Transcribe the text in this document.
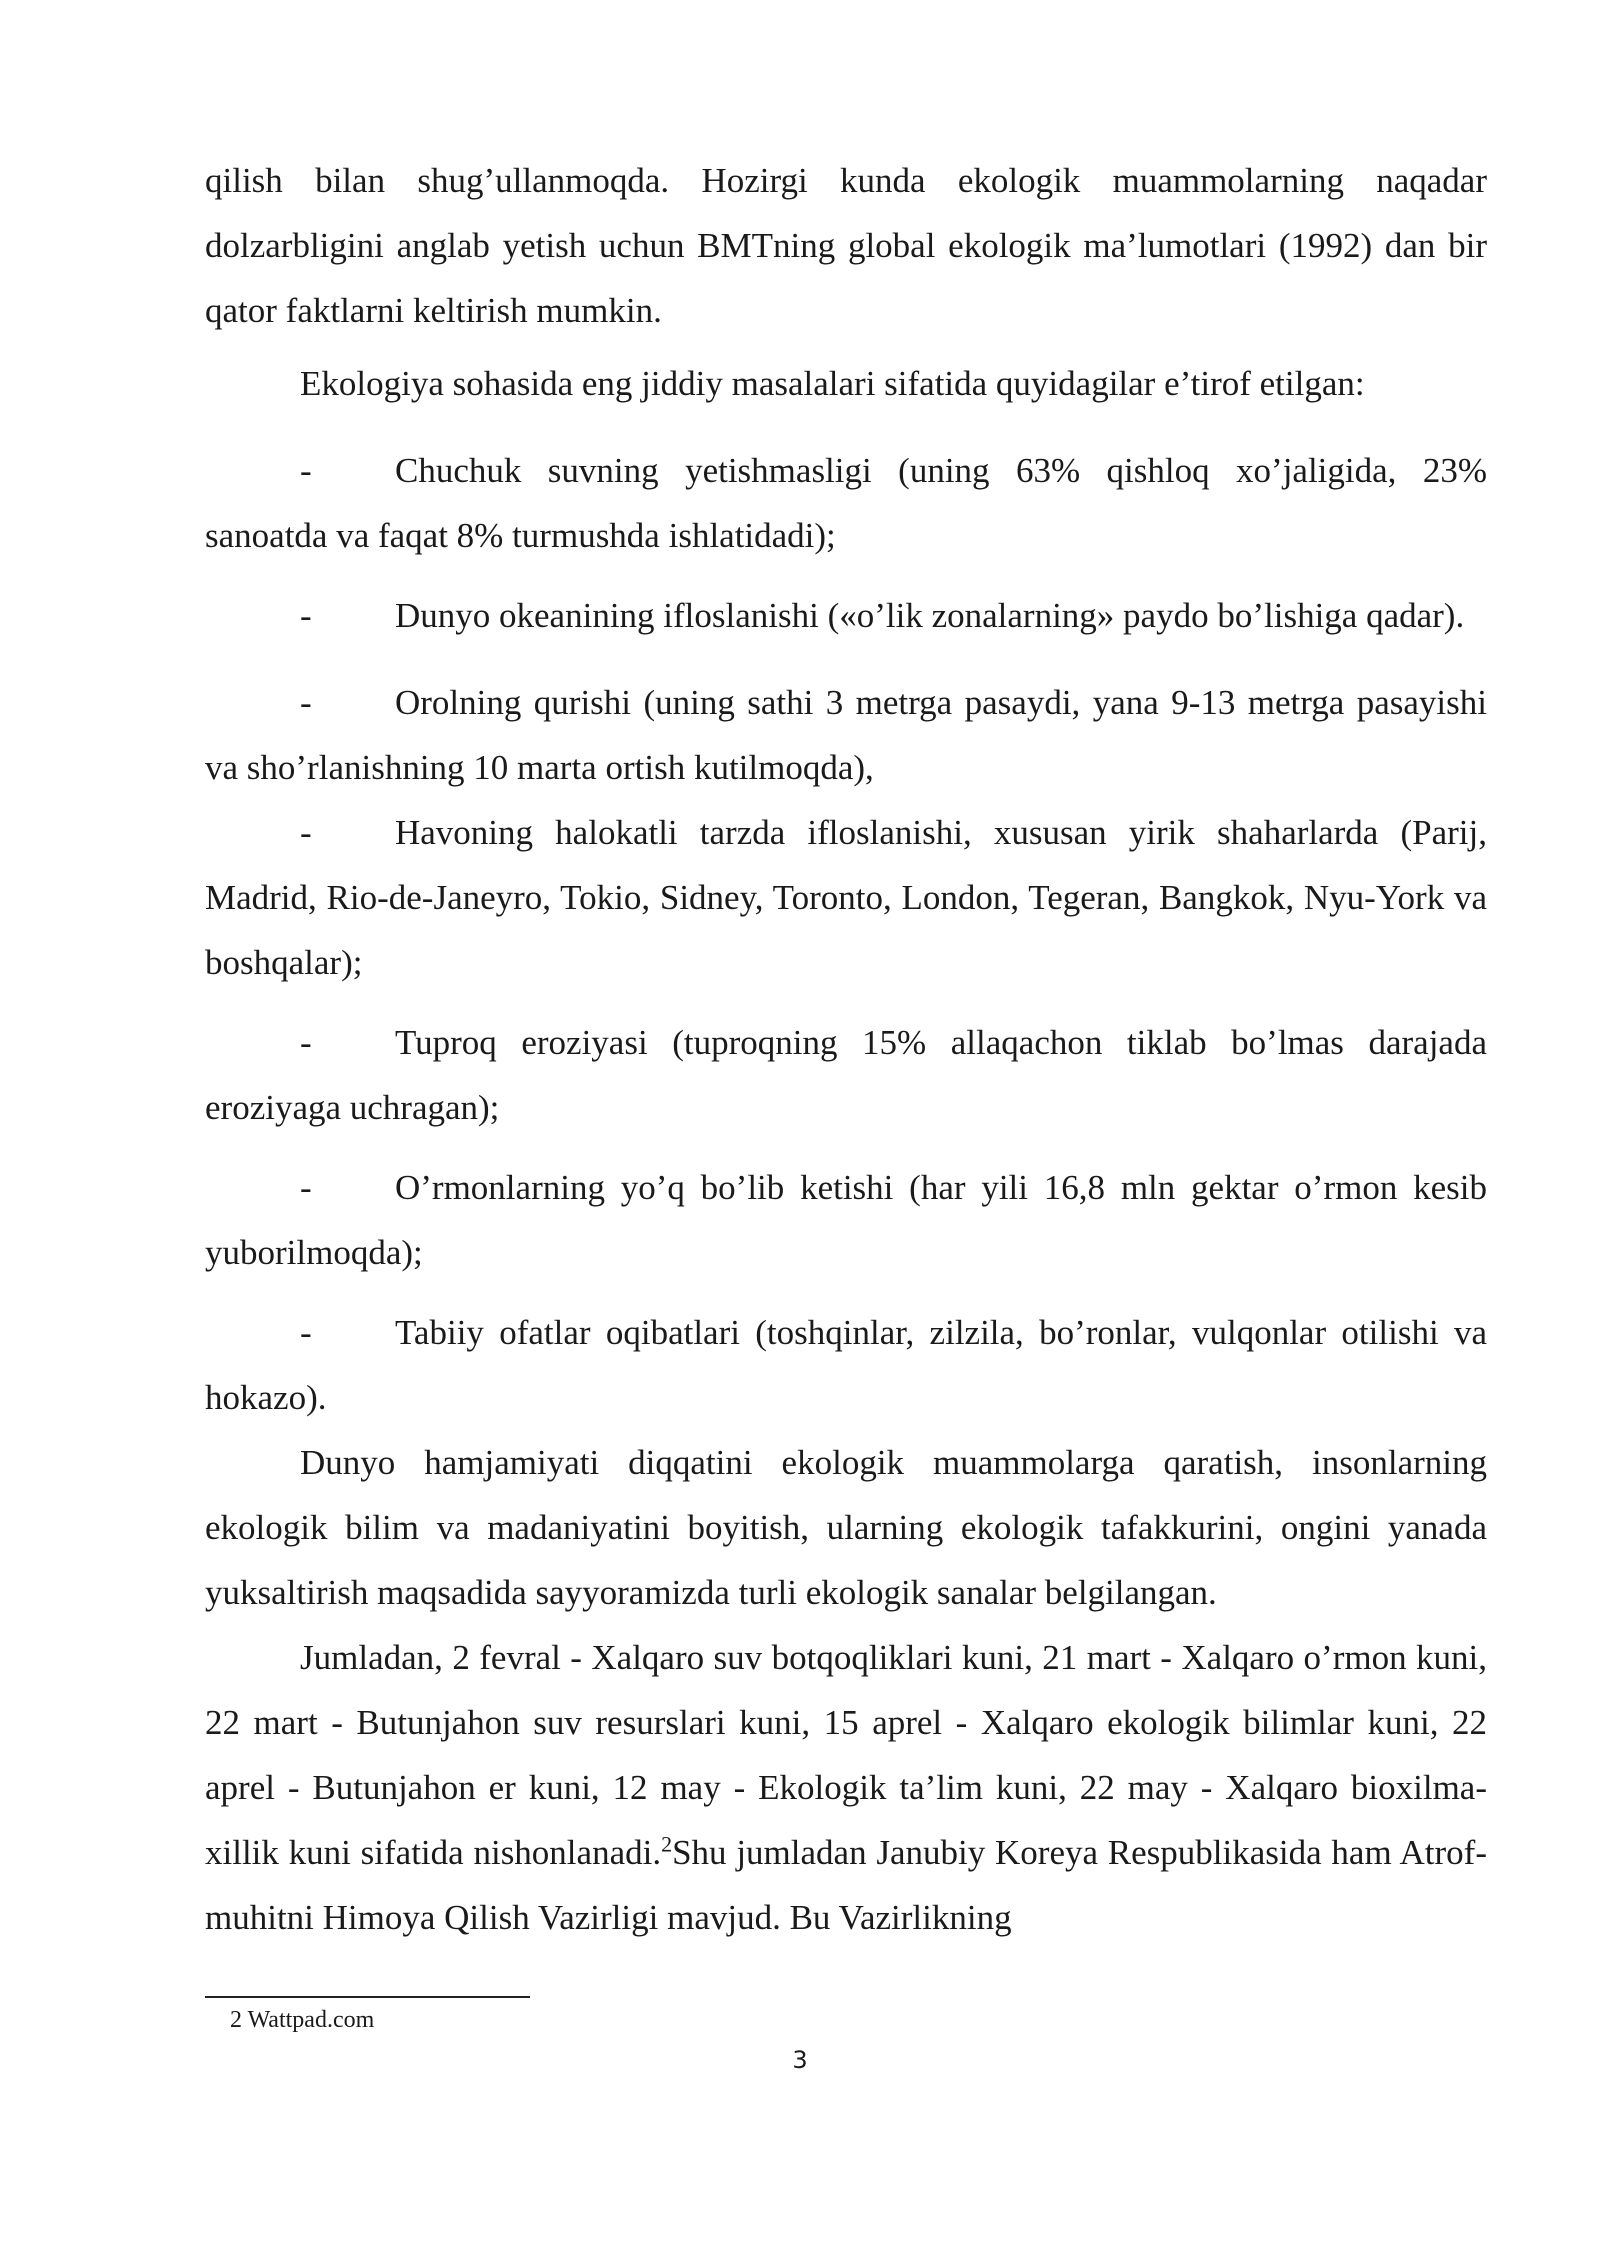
qilish bilan shug’ullanmoqda. Hozirgi kunda ekologik muammolarning naqadar dolzarbligini anglab yetish uchun BMTning global ekologik ma’lumotlari (1992) dan bir qator faktlarni keltirish mumkin.

Ekologiya sohasida eng jiddiy masalalari sifatida quyidagilar e’tirof etilgan:

- Chuchuk suvning yetishmasligi (uning 63% qishloq xo’jaligida, 23% sanoatda va faqat 8% turmushda ishlatidadi);

- Dunyo okeanining ifloslanishi («o’lik zonalarning» paydo bo’lishiga qadar).

- Orolning qurishi (uning sathi 3 metrga pasaydi, yana 9-13 metrga pasayishi va sho’rlanishning 10 marta ortish kutilmoqda),

- Havoning halokatli tarzda ifloslanishi, xususan yirik shaharlarda (Parij, Madrid, Rio-de-Janeyro, Tokio, Sidney, Toronto, London, Tegeran, Bangkok, Nyu-York va boshqalar);

- Tuproq eroziyasi (tuproqning 15% allaqachon tiklab bo’lmas darajada eroziyaga uchragan);

- O’rmonlarning yo’q bo’lib ketishi (har yili 16,8 mln gektar o’rmon kesib yuborilmoqda);

- Tabiiy ofatlar oqibatlari (toshqinlar, zilzila, bo’ronlar, vulqonlar otilishi va hokazo).

Dunyo hamjamiyati diqqatini ekologik muammolarga qaratish, insonlarning ekologik bilim va madaniyatini boyitish, ularning ekologik tafakkurini, ongini yanada yuksaltirish maqsadida sayyoramizda turli ekologik sanalar belgilangan.

Jumladan, 2 fevral - Xalqaro suv botqoqliklari kuni, 21 mart - Xalqaro o’rmon kuni, 22 mart - Butunjahon suv resurslari kuni, 15 aprel - Xalqaro ekologik bilimlar kuni, 22 aprel - Butunjahon er kuni, 12 may - Ekologik ta’lim kuni, 22 may - Xalqaro bioxilma-xillik kuni sifatida nishonlanadi.$^2$Shu jumladan Janubiy Koreya Respublikasida ham Atrof-muhitni Himoya Qilish Vazirligi mavjud. Bu Vazirlikning

2 Wattpad.com
3
